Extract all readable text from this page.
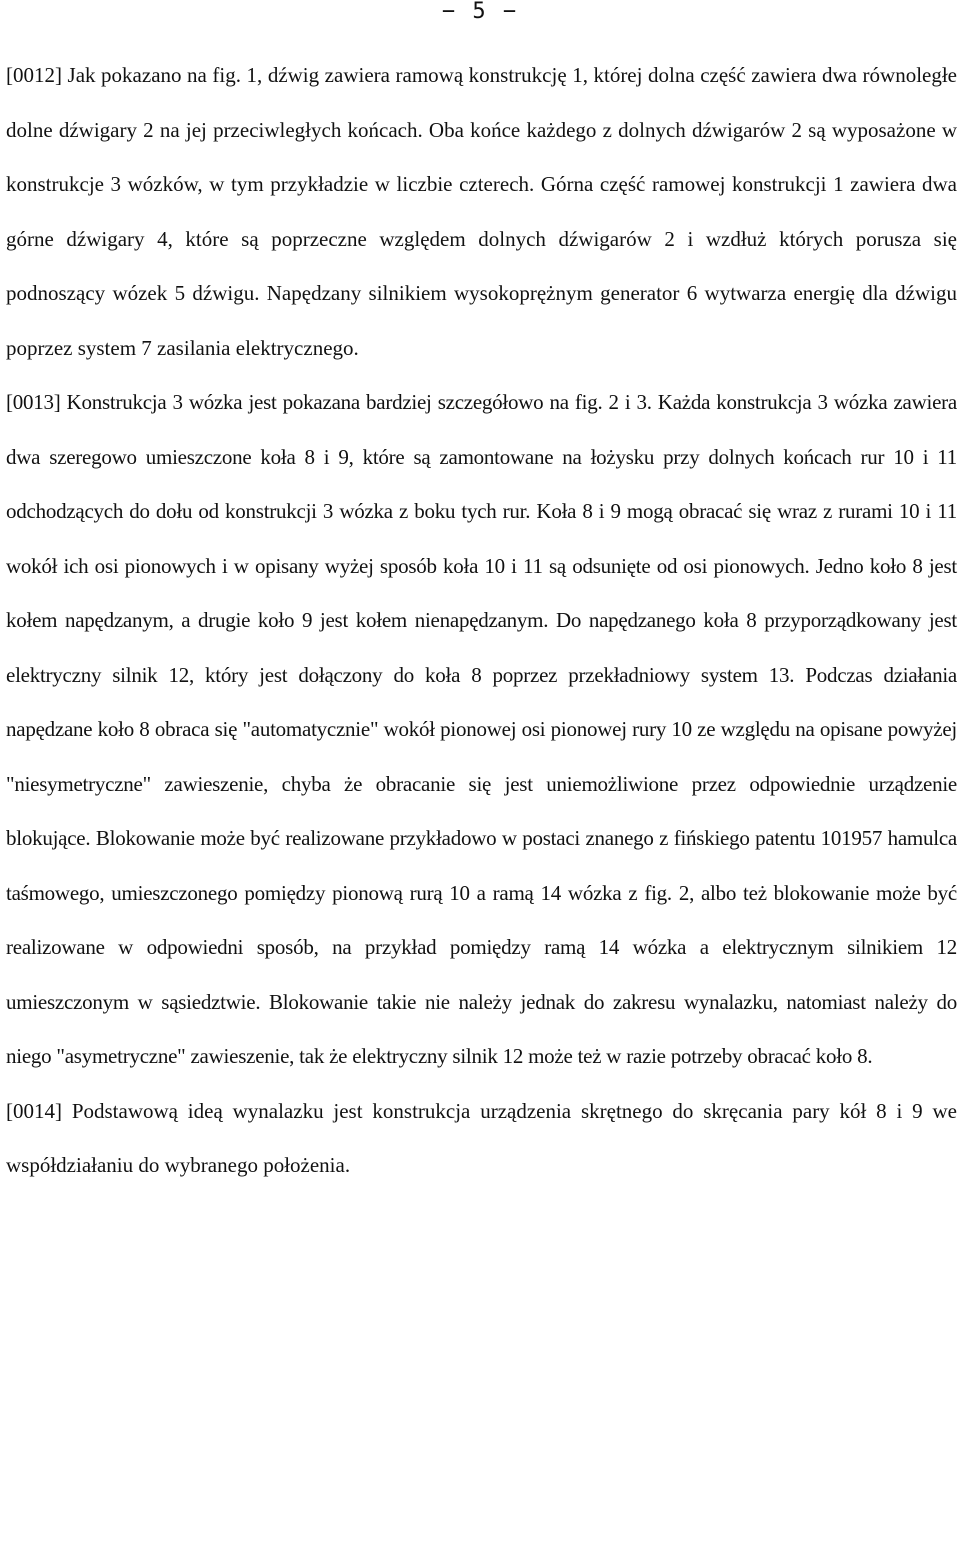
− 5 −

[0012] Jak pokazano na fig. 1, dźwig zawiera ramową konstrukcję 1, której dolna część zawiera dwa równoległe dolne dźwigary 2 na jej przeciwległych końcach. Oba końce każdego z dolnych dźwigarów 2 są wyposażone w konstrukcje 3 wózków, w tym przykładzie w liczbie czterech. Górna część ramowej konstrukcji 1 zawiera dwa górne dźwigary 4, które są poprzeczne względem dolnych dźwigarów 2 i wzdłuż których porusza się podnoszący wózek 5 dźwigu. Napędzany silnikiem wysokoprężnym generator 6 wytwarza energię dla dźwigu poprzez system 7 zasilania elektrycznego.

[0013] Konstrukcja 3 wózka jest pokazana bardziej szczegółowo na fig. 2 i 3. Każda konstrukcja 3 wózka zawiera dwa szeregowo umieszczone koła 8 i 9, które są zamontowane na łożysku przy dolnych końcach rur 10 i 11 odchodzących do dołu od konstrukcji 3 wózka z boku tych rur. Koła 8 i 9 mogą obracać się wraz z rurami 10 i 11 wokół ich osi pionowych i w opisany wyżej sposób koła 10 i 11 są odsunięte od osi pionowych. Jedno koło 8 jest kołem napędzanym, a drugie koło 9 jest kołem nienapędzanym. Do napędzanego koła 8 przyporządkowany jest elektryczny silnik 12, który jest dołączony do koła 8 poprzez przekładniowy system 13. Podczas działania napędzane koło 8 obraca się "automatycznie" wokół pionowej osi pionowej rury 10 ze względu na opisane powyżej "niesymetryczne" zawieszenie, chyba że obracanie się jest uniemożliwione przez odpowiednie urządzenie blokujące. Blokowanie może być realizowane przykładowo w postaci znanego z fińskiego patentu 101957 hamulca taśmowego, umieszczonego pomiędzy pionową rurą 10 a ramą 14 wózka z fig. 2, albo też blokowanie może być realizowane w odpowiedni sposób, na przykład pomiędzy ramą 14 wózka a elektrycznym silnikiem 12 umieszczonym w sąsiedztwie. Blokowanie takie nie należy jednak do zakresu wynalazku, natomiast należy do niego "asymetryczne" zawieszenie, tak że elektryczny silnik 12 może też w razie potrzeby obracać koło 8.

[0014] Podstawową ideą wynalazku jest konstrukcja urządzenia skrętnego do skręcania pary kół 8 i 9 we współdziałaniu do wybranego położenia.
